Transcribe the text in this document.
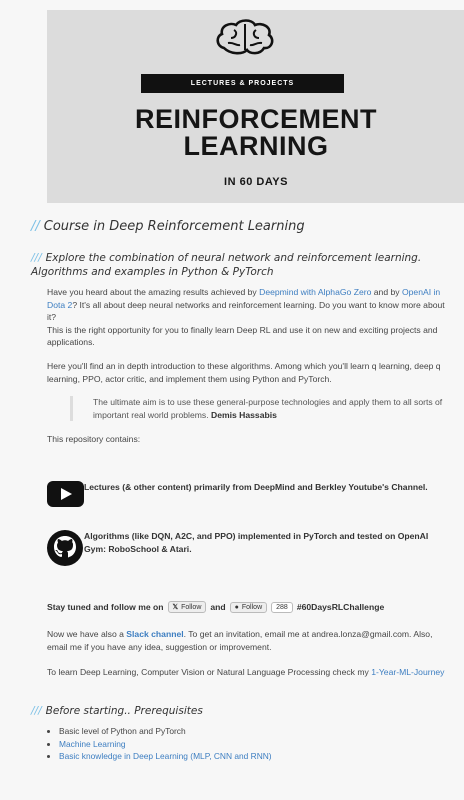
LECTURES & PROJECTS
REINFORCEMENT
LEARNING
IN 60 DAYS
// Course in Deep Reinforcement Learning
/// Explore the combination of neural network and reinforcement learning. Algorithms and examples in Python & PyTorch
Have you heard about the amazing results achieved by Deepmind with AlphaGo Zero and by OpenAI in Dota 2? It's all about deep neural networks and reinforcement learning. Do you want to know more about it?
This is the right opportunity for you to finally learn Deep RL and use it on new and exciting projects and applications.
Here you'll find an in depth introduction to these algorithms. Among which you'll learn q learning, deep q learning, PPO, actor critic, and implement them using Python and PyTorch.
The ultimate aim is to use these general-purpose technologies and apply them to all sorts of important real world problems. Demis Hassabis
This repository contains:
Lectures (& other content) primarily from DeepMind and Berkley Youtube's Channel.
Algorithms (like DQN, A2C, and PPO) implemented in PyTorch and tested on OpenAI Gym: RoboSchool & Atari.
Stay tuned and follow me on 𝕏 Follow and ● Follow	288	#60DaysRLChallenge
Now we have also a Slack channel. To get an invitation, email me at andrea.lonza@gmail.com. Also, email me if you have any idea, suggestion or improvement.
To learn Deep Learning, Computer Vision or Natural Language Processing check my 1-Year-ML-Journey
/// Before starting.. Prerequisites
• Basic level of Python and PyTorch
• Machine Learning
• Basic knowledge in Deep Learning (MLP, CNN and RNN)
